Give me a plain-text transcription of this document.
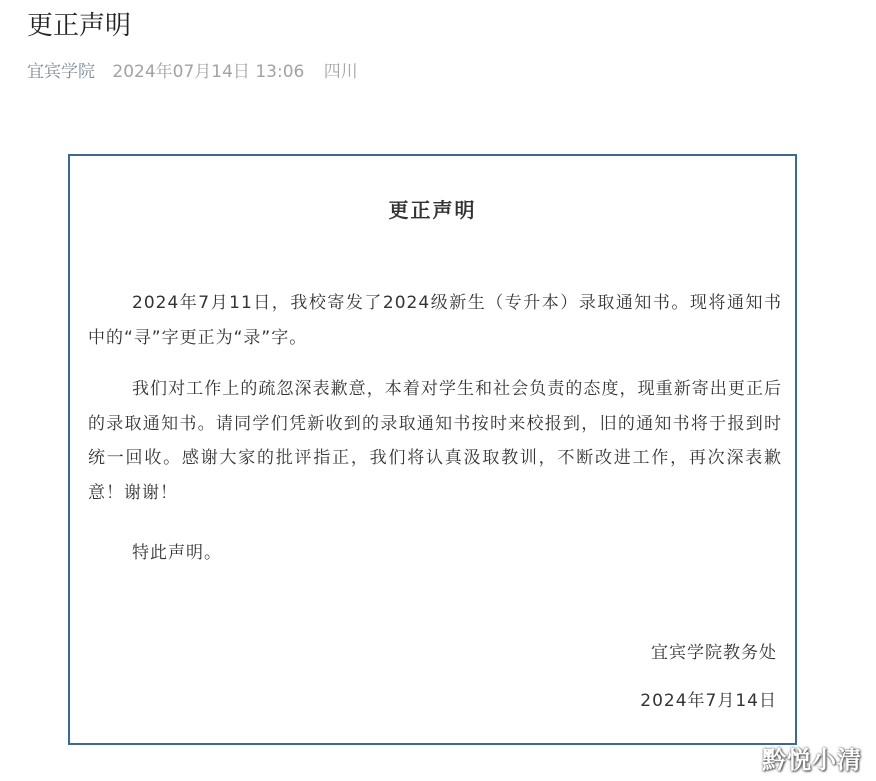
更正声明
宜宾学院 2024年07月14日 13:06 四川
更正声明

2024年7月11日，我校寄发了2024级新生（专升本）录取通知书。现将通知书中的“寻”字更正为“录”字。

我们对工作上的疏忽深表歉意，本着对学生和社会负责的态度，现重新寄出更正后的录取通知书。请同学们凭新收到的录取通知书按时来校报到，旧的通知书将于报到时统一回收。感谢大家的批评指正，我们将认真汲取教训，不断改进工作，再次深表歉意！谢谢！

特此声明。

宜宾学院教务处
2024年7月14日
黔悦小清
